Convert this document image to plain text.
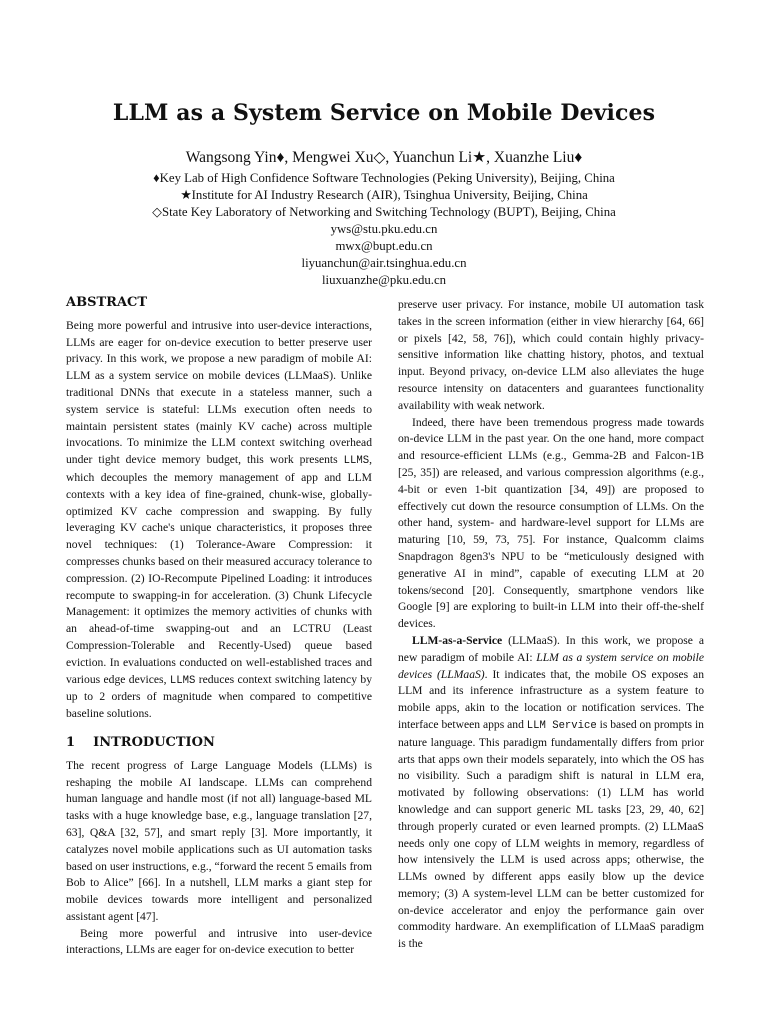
LLM as a System Service on Mobile Devices
Wangsong Yin♦, Mengwei Xu◇, Yuanchun Li★, Xuanzhe Liu♦
♦Key Lab of High Confidence Software Technologies (Peking University), Beijing, China
★Institute for AI Industry Research (AIR), Tsinghua University, Beijing, China
◇State Key Laboratory of Networking and Switching Technology (BUPT), Beijing, China
yws@stu.pku.edu.cn
mwx@bupt.edu.cn
liyuanchun@air.tsinghua.edu.cn
liuxuanzhe@pku.edu.cn
ABSTRACT

Being more powerful and intrusive into user-device interactions, LLMs are eager for on-device execution to better preserve user privacy. In this work, we propose a new paradigm of mobile AI: LLM as a system service on mobile devices (LLMaaS). Unlike traditional DNNs that execute in a stateless manner, such a system service is stateful: LLMs execution often needs to maintain persistent states (mainly KV cache) across multiple invocations. To minimize the LLM context switching overhead under tight device memory budget, this work presents LLMS, which decouples the memory management of app and LLM contexts with a key idea of fine-grained, chunk-wise, globally-optimized KV cache compression and swapping. By fully leveraging KV cache's unique characteristics, it proposes three novel techniques: (1) Tolerance-Aware Compression: it compresses chunks based on their measured accuracy tolerance to compression. (2) IO-Recompute Pipelined Loading: it introduces recompute to swapping-in for acceleration. (3) Chunk Lifecycle Management: it optimizes the memory activities of chunks with an ahead-of-time swapping-out and an LCTRU (Least Compression-Tolerable and Recently-Used) queue based eviction. In evaluations conducted on well-established traces and various edge devices, LLMS reduces context switching latency by up to 2 orders of magnitude when compared to competitive baseline solutions.

1    INTRODUCTION

The recent progress of Large Language Models (LLMs) is reshaping the mobile AI landscape. LLMs can comprehend human language and handle most (if not all) language-based ML tasks with a huge knowledge base, e.g., language translation [27, 63], Q&A [32, 57], and smart reply [3]. More importantly, it catalyzes novel mobile applications such as UI automation tasks based on user instructions, e.g., “forward the recent 5 emails from Bob to Alice” [66]. In a nutshell, LLM marks a giant step for mobile devices towards more intelligent and personalized assistant agent [47].

Being more powerful and intrusive into user-device interactions, LLMs are eager for on-device execution to better

preserve user privacy. For instance, mobile UI automation task takes in the screen information (either in view hierarchy [64, 66] or pixels [42, 58, 76]), which could contain highly privacy-sensitive information like chatting history, photos, and textual input. Beyond privacy, on-device LLM also alleviates the huge resource intensity on datacenters and guarantees functionality availability with weak network.

Indeed, there have been tremendous progress made towards on-device LLM in the past year. On the one hand, more compact and resource-efficient LLMs (e.g., Gemma-2B and Falcon-1B [25, 35]) are released, and various compression algorithms (e.g., 4-bit or even 1-bit quantization [34, 49]) are proposed to effectively cut down the resource consumption of LLMs. On the other hand, system- and hardware-level support for LLMs are maturing [10, 59, 73, 75]. For instance, Qualcomm claims Snapdragon 8gen3's NPU to be “meticulously designed with generative AI in mind”, capable of executing LLM at 20 tokens/second [20]. Consequently, smartphone vendors like Google [9] are exploring to built-in LLM into their off-the-shelf devices.

LLM-as-a-Service (LLMaaS). In this work, we propose a new paradigm of mobile AI: LLM as a system service on mobile devices (LLMaaS). It indicates that, the mobile OS exposes an LLM and its inference infrastructure as a system feature to mobile apps, akin to the location or notification services. The interface between apps and LLM Service is based on prompts in nature language. This paradigm fundamentally differs from prior arts that apps own their models separately, into which the OS has no visibility. Such a paradigm shift is natural in LLM era, motivated by following observations: (1) LLM has world knowledge and can support generic ML tasks [23, 29, 40, 62] through properly curated or even learned prompts. (2) LLMaaS needs only one copy of LLM weights in memory, regardless of how intensively the LLM is used across apps; otherwise, the LLMs owned by different apps easily blow up the device memory; (3) A system-level LLM can be better customized for on-device accelerator and enjoy the performance gain over commodity hardware. An exemplification of LLMaaS paradigm is the
